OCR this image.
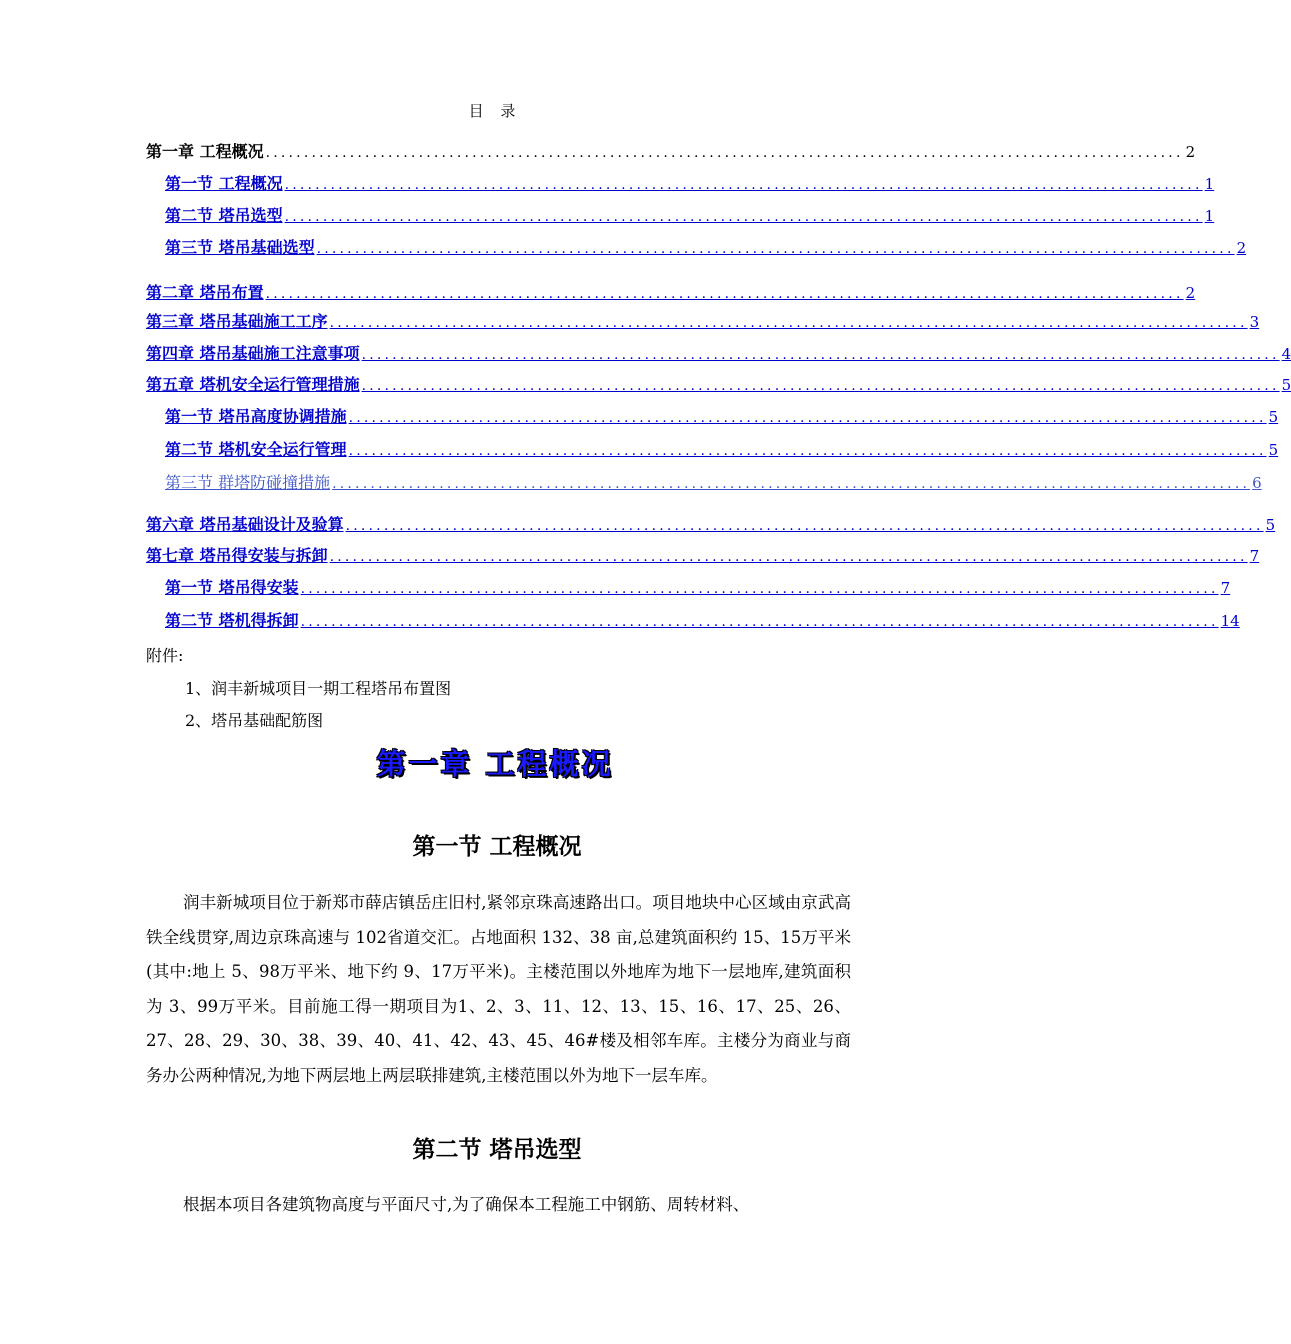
目 录
第一章 工程概况 ........................................................................................................................ 2
第一节 工程概况 ........................................................................................................................ 1
第二节 塔吊选型 ........................................................................................................................ 1
第三节 塔吊基础选型 ........................................................................................................................ 2
第二章 塔吊布置 ........................................................................................................................ 2
第三章 塔吊基础施工工序 ........................................................................................................................ 3
第四章 塔吊基础施工注意事项 ........................................................................................................................ 4
第五章 塔机安全运行管理措施 ........................................................................................................................ 5
第一节 塔吊高度协调措施 ........................................................................................................................ 5
第二节 塔机安全运行管理 ........................................................................................................................ 5
第三节 群塔防碰撞措施 ........................................................................................................................ 6
第六章 塔吊基础设计及验算 ........................................................................................................................ 5
第七章 塔吊得安装与拆卸 ........................................................................................................................ 7
第一节 塔吊得安装 ........................................................................................................................ 7
第二节 塔机得拆卸 ........................................................................................................................ 14
附件:
1、润丰新城项目一期工程塔吊布置图
2、塔吊基础配筋图
第一章 工程概况
第一节 工程概况
润丰新城项目位于新郑市薛店镇岳庄旧村,紧邻京珠高速路出口。项目地块中心区域由京武高铁全线贯穿,周边京珠高速与 102省道交汇。占地面积 132、38 亩,总建筑面积约 15、15万平米(其中:地上 5、98万平米、地下约 9、17万平米)。主楼范围以外地库为地下一层地库,建筑面积为 3、99万平米。目前施工得一期项目为1、2、3、11、12、13、15、16、17、25、26、27、28、29、30、38、39、40、41、42、43、45、46#楼及相邻车库。主楼分为商业与商务办公两种情况,为地下两层地上两层联排建筑,主楼范围以外为地下一层车库。
第二节 塔吊选型
根据本项目各建筑物高度与平面尺寸,为了确保本工程施工中钢筋、周转材料、
